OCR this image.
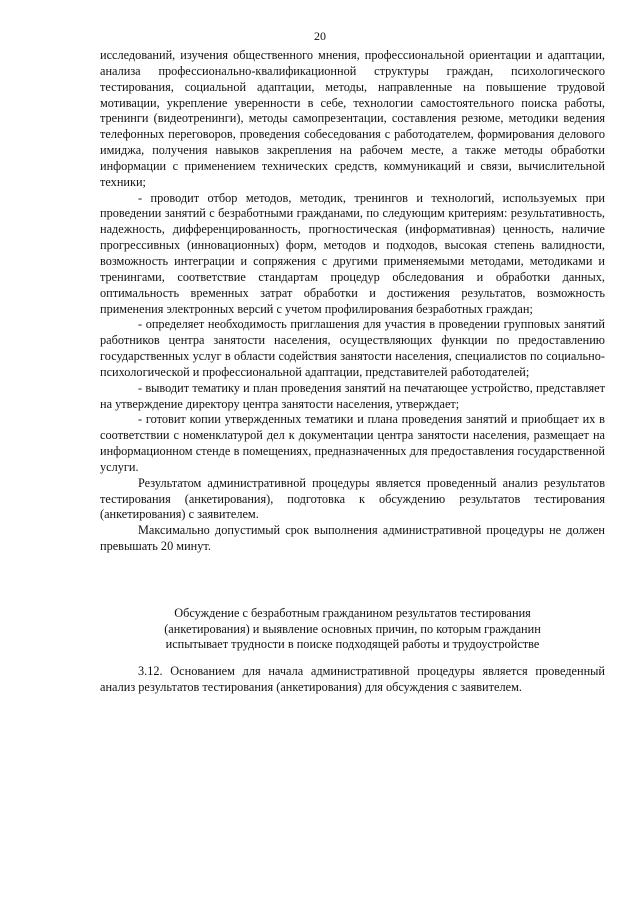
20

исследований, изучения общественного мнения, профессиональной ориентации и адаптации, анализа профессионально-квалификационной структуры граждан, психологического тестирования, социальной адаптации, методы, направленные на повышение трудовой мотивации, укрепление уверенности в себе, технологии самостоятельного поиска работы, тренинги (видеотренинги), методы самопрезентации, составления резюме, методики ведения телефонных переговоров, проведения собеседования с работодателем, формирования делового имиджа, получения навыков закрепления на рабочем месте, а также методы обработки информации с применением технических средств, коммуникаций и связи, вычислительной техники;

- проводит отбор методов, методик, тренингов и технологий, используемых при проведении занятий с безработными гражданами, по следующим критериям: результативность, надежность, дифференцированность, прогностическая (информативная) ценность, наличие прогрессивных (инновационных) форм, методов и подходов, высокая степень валидности, возможность интеграции и сопряжения с другими применяемыми методами, методиками и тренингами, соответствие стандартам процедур обследования и обработки данных, оптимальность временных затрат обработки и достижения результатов, возможность применения электронных версий с учетом профилирования безработных граждан;

- определяет необходимость приглашения для участия в проведении групповых занятий работников центра занятости населения, осуществляющих функции по предоставлению государственных услуг в области содействия занятости населения, специалистов по социально-психологической и профессиональной адаптации, представителей работодателей;

- выводит тематику и план проведения занятий на печатающее устройство, представляет на утверждение директору центра занятости населения, утверждает;

- готовит копии утвержденных тематики и плана проведения занятий и приобщает их в соответствии с номенклатурой дел к документации центра занятости населения, размещает на информационном стенде в помещениях, предназначенных для предоставления государственной услуги.

Результатом административной процедуры является проведенный анализ результатов тестирования (анкетирования), подготовка к обсуждению результатов тестирования (анкетирования) с заявителем.

Максимально допустимый срок выполнения административной процедуры не должен превышать 20 минут.

Обсуждение с безработным гражданином результатов тестирования
(анкетирования) и выявление основных причин, по которым гражданин
испытывает трудности в поиске подходящей работы и трудоустройстве

3.12. Основанием для начала административной процедуры является проведенный анализ результатов тестирования (анкетирования) для обсуждения с заявителем.
